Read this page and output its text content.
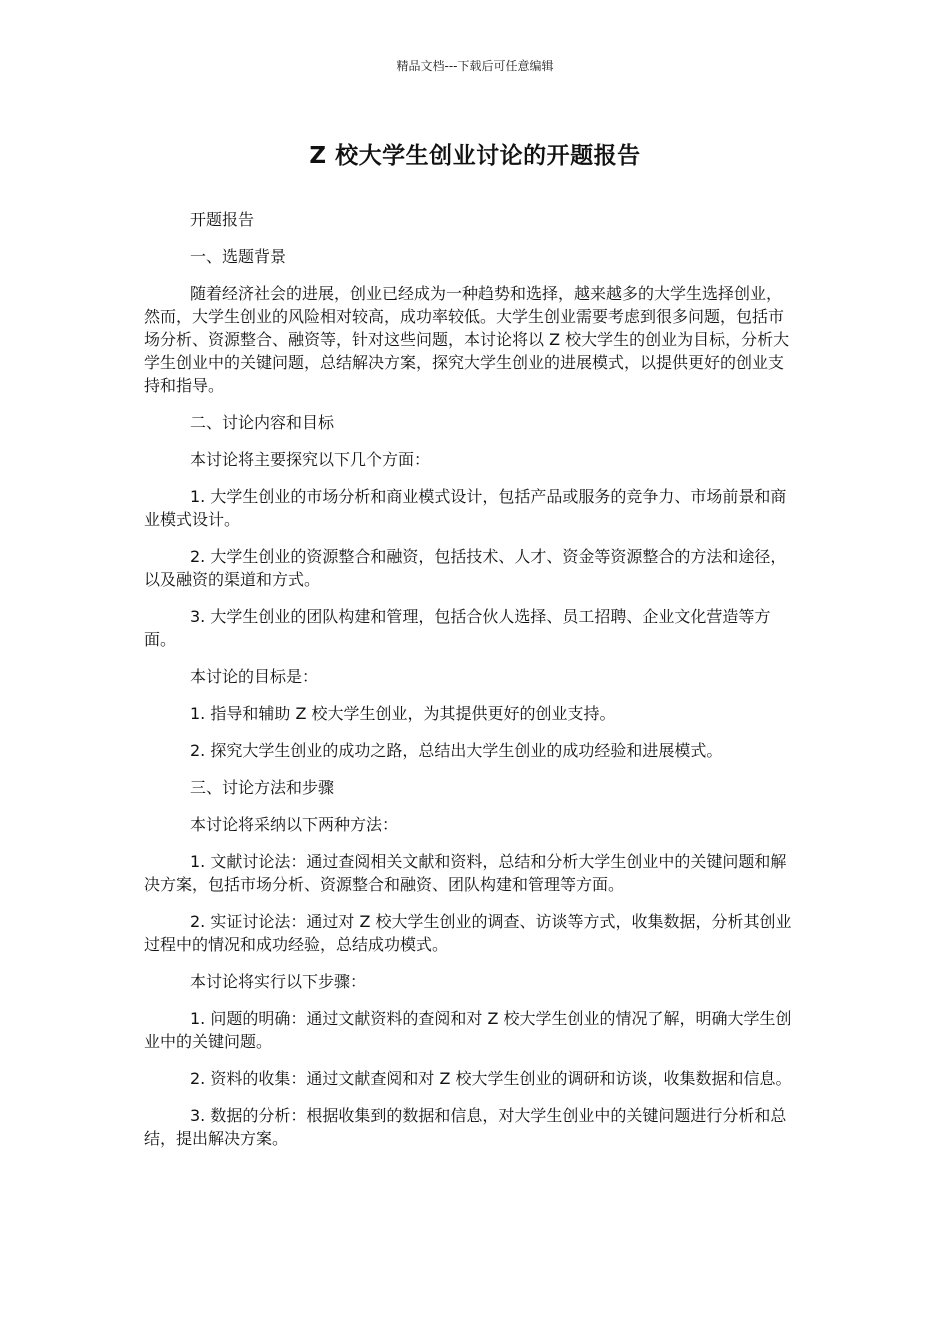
精品文档---下载后可任意编辑
Z 校大学生创业讨论的开题报告

开题报告

一、选题背景

随着经济社会的进展，创业已经成为一种趋势和选择，越来越多的大学生选择创业，然而，大学生创业的风险相对较高，成功率较低。大学生创业需要考虑到很多问题，包括市场分析、资源整合、融资等，针对这些问题，本讨论将以 Z 校大学生的创业为目标，分析大学生创业中的关键问题，总结解决方案，探究大学生创业的进展模式，以提供更好的创业支持和指导。

二、讨论内容和目标

本讨论将主要探究以下几个方面：

1. 大学生创业的市场分析和商业模式设计，包括产品或服务的竞争力、市场前景和商业模式设计。

2. 大学生创业的资源整合和融资，包括技术、人才、资金等资源整合的方法和途径，以及融资的渠道和方式。

3. 大学生创业的团队构建和管理，包括合伙人选择、员工招聘、企业文化营造等方面。

本讨论的目标是：

1. 指导和辅助 Z 校大学生创业，为其提供更好的创业支持。

2. 探究大学生创业的成功之路，总结出大学生创业的成功经验和进展模式。

三、讨论方法和步骤

本讨论将采纳以下两种方法：

1. 文献讨论法：通过查阅相关文献和资料，总结和分析大学生创业中的关键问题和解决方案，包括市场分析、资源整合和融资、团队构建和管理等方面。

2. 实证讨论法：通过对 Z 校大学生创业的调查、访谈等方式，收集数据，分析其创业过程中的情况和成功经验，总结成功模式。

本讨论将实行以下步骤：

1. 问题的明确：通过文献资料的查阅和对 Z 校大学生创业的情况了解，明确大学生创业中的关键问题。

2. 资料的收集：通过文献查阅和对 Z 校大学生创业的调研和访谈，收集数据和信息。

3. 数据的分析：根据收集到的数据和信息，对大学生创业中的关键问题进行分析和总结，提出解决方案。
